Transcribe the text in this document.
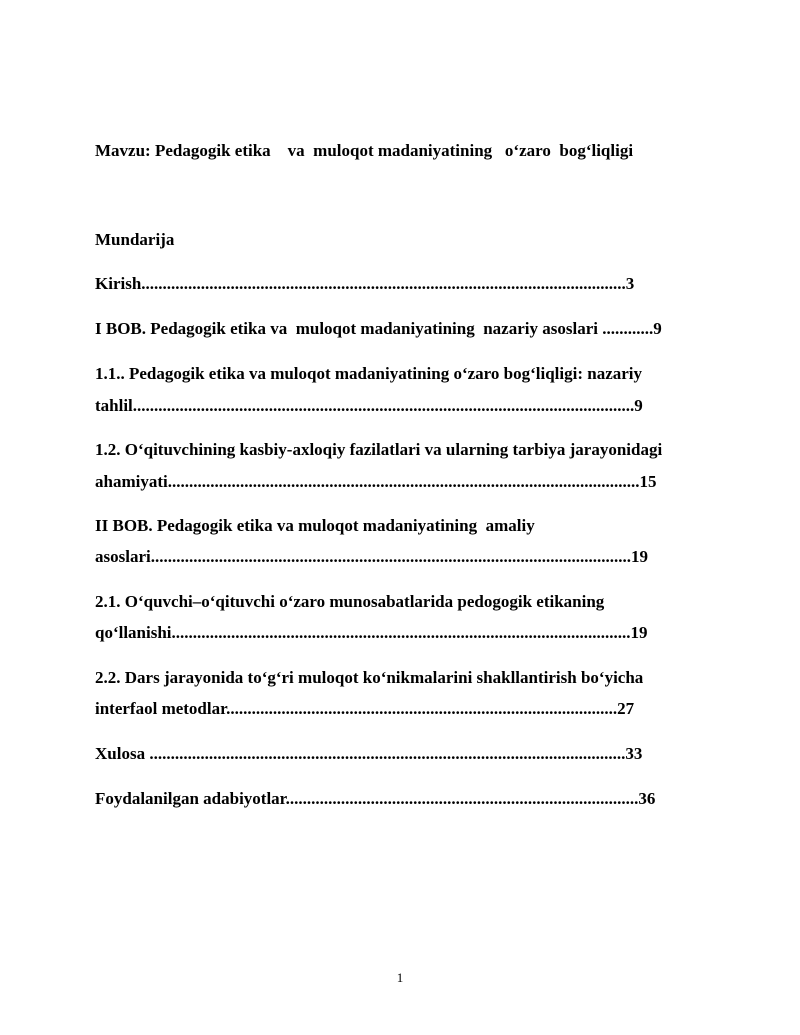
Mavzu: Pedagogik etika    va  muloqot madaniyatining   o‘zaro  bog‘liqligi

Mundarija

Kirish..................................................................................................................3

I BOB. Pedagogik etika va  muloqot madaniyatining  nazariy asoslari ............9

1.1.. Pedagogik etika va muloqot madaniyatining o‘zaro bog‘liqligi: nazariy

tahlil......................................................................................................................9

1.2. O‘qituvchining kasbiy-axloqiy fazilatlari va ularning tarbiya jarayonidagi

ahamiyati...............................................................................................................15

II BOB. Pedagogik etika va muloqot madaniyatining  amaliy

asoslari.................................................................................................................19

2.1. O‘quvchi–o‘qituvchi o‘zaro munosabatlarida pedogogik etikaning

qo‘llanishi............................................................................................................19

2.2. Dars jarayonida to‘g‘ri muloqot ko‘nikmalarini shakllantirish bo‘yicha

interfaol metodlar............................................................................................27

Xulosa ................................................................................................................33

Foydalanilgan adabiyotlar...................................................................................36

1
